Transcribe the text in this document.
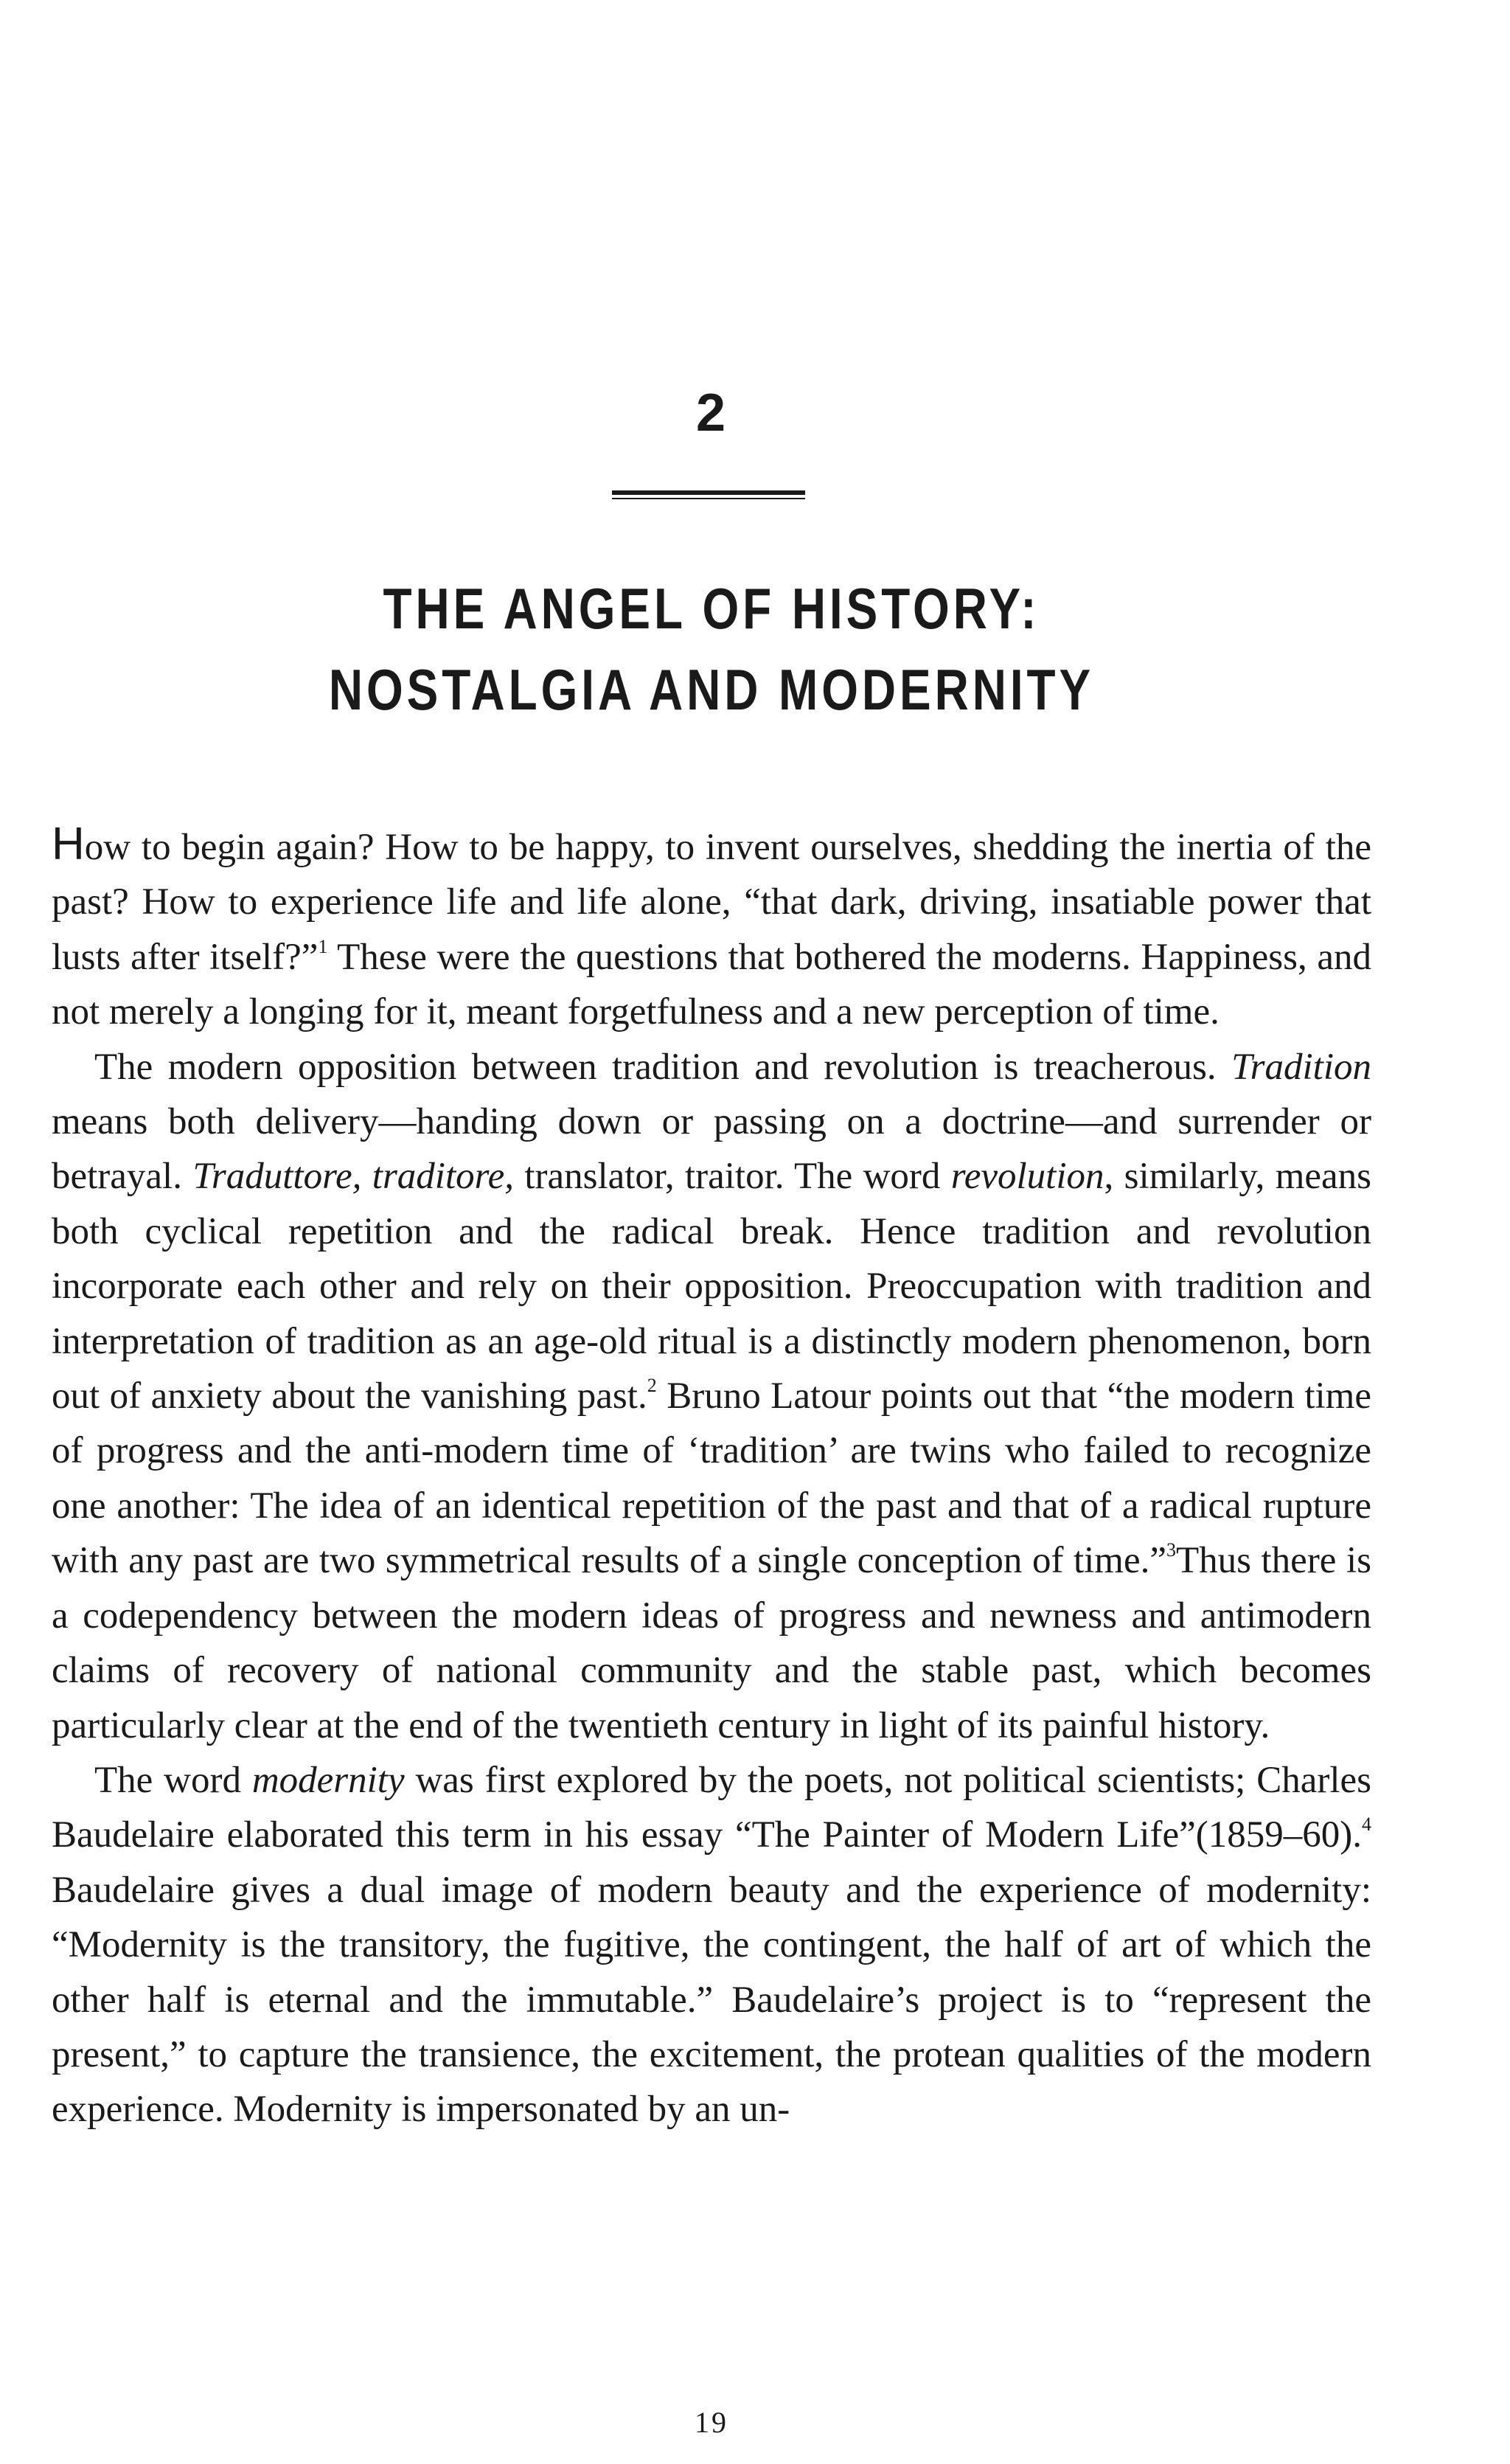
2
THE ANGEL OF HISTORY:
NOSTALGIA AND MODERNITY

How to begin again? How to be happy, to invent ourselves, shedding the inertia of the past? How to experience life and life alone, “that dark, driving, insatiable power that lusts after itself?”$^1$ These were the questions that bothered the moderns. Happiness, and not merely a longing for it, meant forgetfulness and a new perception of time.

The modern opposition between tradition and revolution is treacherous. Tradition means both delivery—handing down or passing on a doctrine—and surrender or betrayal. Traduttore, traditore, translator, traitor. The word revolution, similarly, means both cyclical repetition and the radical break. Hence tradition and revolution incorporate each other and rely on their opposition. Preoccupation with tradition and interpretation of tradition as an age-old ritual is a distinctly modern phenomenon, born out of anxiety about the vanishing past.$^2$ Bruno Latour points out that “the modern time of progress and the anti-modern time of ‘tradition’ are twins who failed to recognize one another: The idea of an identical repetition of the past and that of a radical rupture with any past are two symmetrical results of a single conception of time.”$^3$Thus there is a codependency between the modern ideas of progress and newness and antimodern claims of recovery of national community and the stable past, which becomes particularly clear at the end of the twentieth century in light of its painful history.

The word modernity was first explored by the poets, not political scientists; Charles Baudelaire elaborated this term in his essay “The Painter of Modern Life”(1859–60).$^4$ Baudelaire gives a dual image of modern beauty and the experience of modernity: “Modernity is the transitory, the fugitive, the contingent, the half of art of which the other half is eternal and the immutable.” Baudelaire’s project is to “represent the present,” to capture the transience, the excitement, the protean qualities of the modern experience. Modernity is impersonated by an un-

19
